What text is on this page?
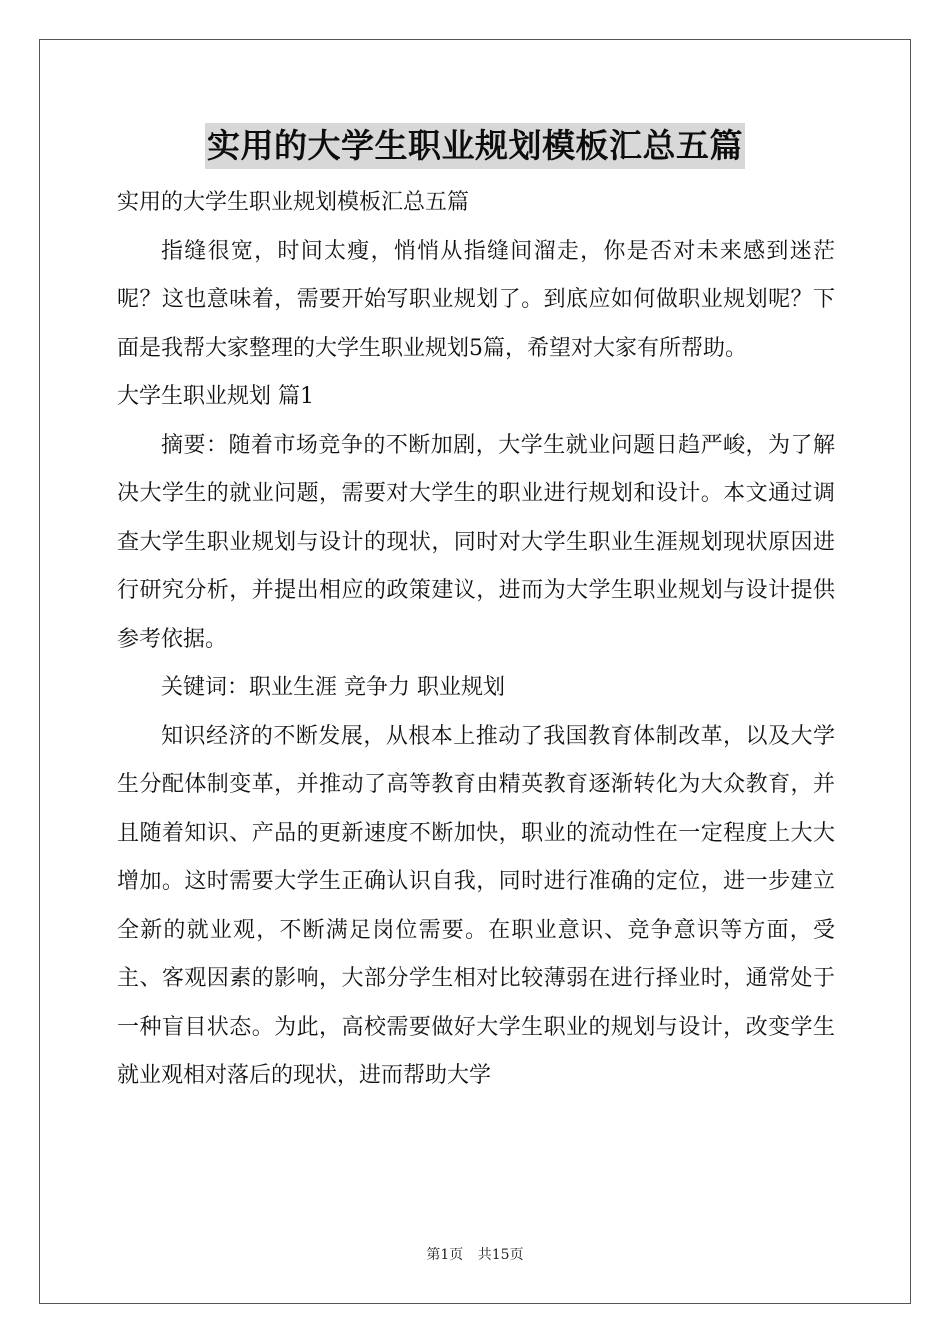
实用的大学生职业规划模板汇总五篇

实用的大学生职业规划模板汇总五篇

指缝很宽，时间太瘦，悄悄从指缝间溜走，你是否对未来感到迷茫呢？这也意味着，需要开始写职业规划了。到底应如何做职业规划呢？下面是我帮大家整理的大学生职业规划5篇，希望对大家有所帮助。

大学生职业规划 篇1

摘要：随着市场竞争的不断加剧，大学生就业问题日趋严峻，为了解决大学生的就业问题，需要对大学生的职业进行规划和设计。本文通过调查大学生职业规划与设计的现状，同时对大学生职业生涯规划现状原因进行研究分析，并提出相应的政策建议，进而为大学生职业规划与设计提供参考依据。

关键词：职业生涯 竞争力 职业规划

知识经济的不断发展，从根本上推动了我国教育体制改革，以及大学生分配体制变革，并推动了高等教育由精英教育逐渐转化为大众教育，并且随着知识、产品的更新速度不断加快，职业的流动性在一定程度上大大增加。这时需要大学生正确认识自我，同时进行准确的定位，进一步建立全新的就业观，不断满足岗位需要。在职业意识、竞争意识等方面，受主、客观因素的影响，大部分学生相对比较薄弱在进行择业时，通常处于一种盲目状态。为此，高校需要做好大学生职业的规划与设计，改变学生就业观相对落后的现状，进而帮助大学

第1页 共15页
